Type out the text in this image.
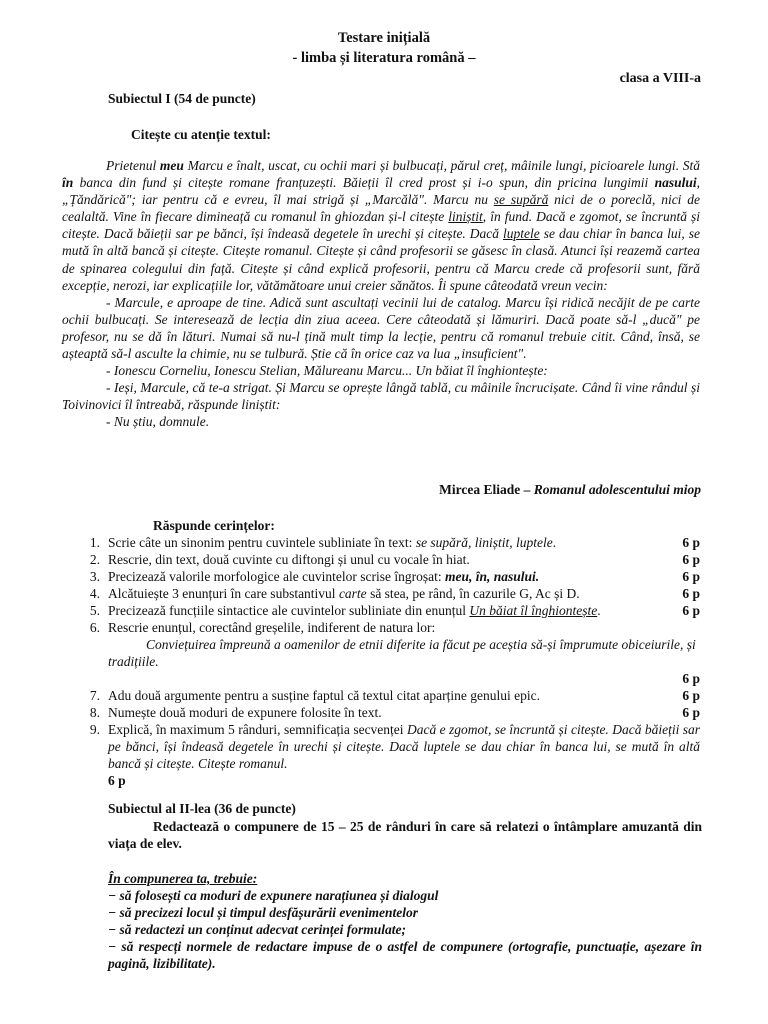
Testare inițială
- limba și literatura română –
clasa a VIII-a
Subiectul I (54 de puncte)
Citește cu atenție textul:

Prietenul meu Marcu e înalt, uscat, cu ochii mari și bulbucați, părul creț, mâinile lungi, picioarele lungi. Stă în banca din fund și citește romane franțuzești. Băieții îl cred prost și i-o spun, din pricina lungimii nasului, „Țăndărică"; iar pentru că e evreu, îl mai strigă și „Marcălă". Marcu nu se supără nici de o poreclă, nici de cealaltă. Vine în fiecare dimineață cu romanul în ghiozdan și-l citește liniștit, în fund. Dacă e zgomot, se încruntă și citește. Dacă băieții sar pe bănci, își îndeasă degetele în urechi și citește. Dacă luptele se dau chiar în banca lui, se mută în altă bancă și citește. Citește romanul. Citește și când profesorii se găsesc în clasă. Atunci își reazemă cartea de spinarea colegului din față. Citește și când explică profesorii, pentru că Marcu crede că profesorii sunt, fără excepție, nerozi, iar explicațiile lor, vătămătoare unui creier sănătos. Îi spune câteodată vreun vecin:

- Marcule, e aproape de tine. Adică sunt ascultați vecinii lui de catalog. Marcu își ridică necăjit de pe carte ochii bulbucați. Se interesează de lecția din ziua aceea. Cere câteodată și lămuriri. Dacă poate să-l „ducă" pe profesor, nu se dă în lături. Numai să nu-l țină mult timp la lecție, pentru că romanul trebuie citit. Când, însă, se așteaptă să-l asculte la chimie, nu se tulbură. Știe că în orice caz va lua „insuficient".

- Ionescu Corneliu, Ionescu Stelian, Mălureanu Marcu... Un băiat îl înghiontește:

- Ieși, Marcule, că te-a strigat. Și Marcu se oprește lângă tablă, cu mâinile încrucișate. Când îi vine rândul și Toivinovici îl întreabă, răspunde liniștit:

- Nu știu, domnule.

Mircea Eliade – Romanul adolescentului miop
Răspunde cerințelor:
1. Scrie câte un sinonim pentru cuvintele subliniate în text: se supără, liniștit, luptele.	6 p
2. Rescrie, din text, două cuvinte cu diftongi și unul cu vocale în hiat.	6 p
3. Precizează valorile morfologice ale cuvintelor scrise îngroșat: meu, în, nasului.	6 p
4. Alcătuiește 3 enunțuri în care substantivul carte să stea, pe rând, în cazurile G, Ac și D.	6 p
5. Precizează funcțiile sintactice ale cuvintelor subliniate din enunțul Un băiat îl înghiontește.	6 p
6. Rescrie enunțul, corectând greșelile, indiferent de natura lor:
Conviețuirea împreună a oamenilor de etnii diferite ia făcut pe aceștia să-și împrumute obiceiurile, și tradițiile.
6 p
7. Adu două argumente pentru a susține faptul că textul citat aparține genului epic.	6 p
8. Numește două moduri de expunere folosite în text.	6 p
9. Explică, în maximum 5 rânduri, semnificația secvenței Dacă e zgomot, se încruntă și citește. Dacă băieții sar pe bănci, își îndeasă degetele în urechi și citește. Dacă luptele se dau chiar în banca lui, se mută în altă bancă și citește. Citește romanul.
6 p
Subiectul al II-lea (36 de puncte)
Redactează o compunere de 15 – 25 de rânduri în care să relatezi o întâmplare amuzantă din viața de elev.
În compunerea ta, trebuie:
− să folosești ca moduri de expunere narațiunea și dialogul
− să precizezi locul și timpul desfășurării evenimentelor
− să redactezi un conținut adecvat cerinței formulate;
− să respecți normele de redactare impuse de o astfel de compunere (ortografie, punctuație, așezare în pagină, lizibilitate).
